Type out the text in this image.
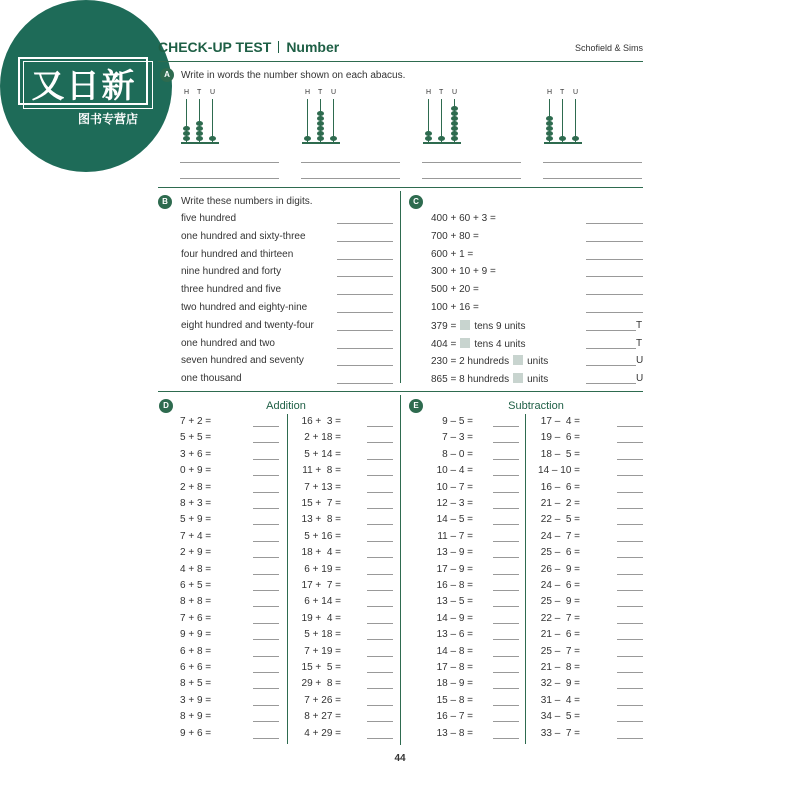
又日新
图书专营店
CHECK-UP TEST Number	Schofield & Sims
A	Write in words the number shown on each abacus.
H T U	H T U	H T U	H T U
B	Write these numbers in digits.
five hundred
one hundred and sixty-three
four hundred and thirteen
nine hundred and forty
three hundred and five
two hundred and eighty-nine
eight hundred and twenty-four
one hundred and two
seven hundred and seventy
one thousand
C
400 + 60 + 3 =
700 + 80 =
600 + 1 =
300 + 10 + 9 =
500 + 20 =
100 + 16 =
379 = tens 9 units	T
404 = tens 4 units	T
230 = 2 hundreds units	U
865 = 8 hundreds units	U
D	Addition
7 + 2 =
5 + 5 =
3 + 6 =
0 + 9 =
2 + 8 =
8 + 3 =
5 + 9 =
7 + 4 =
2 + 9 =
4 + 8 =
6 + 5 =
8 + 8 =
7 + 6 =
9 + 9 =
6 + 8 =
6 + 6 =
8 + 5 =
3 + 9 =
8 + 9 =
9 + 6 =
16 +  3 =
2 + 18 =
5 + 14 =
11 +  8 =
7 + 13 =
15 +  7 =
13 +  8 =
5 + 16 =
18 +  4 =
6 + 19 =
17 +  7 =
6 + 14 =
19 +  4 =
5 + 18 =
7 + 19 =
15 +  5 =
29 +  8 =
7 + 26 =
8 + 27 =
4 + 29 =
E	Subtraction
9 – 5 =
7 – 3 =
8 – 0 =
10 – 4 =
10 – 7 =
12 – 3 =
14 – 5 =
11 – 7 =
13 – 9 =
17 – 9 =
16 – 8 =
13 – 5 =
14 – 9 =
13 – 6 =
14 – 8 =
17 – 8 =
18 – 9 =
15 – 8 =
16 – 7 =
13 – 8 =
17 –  4 =
19 –  6 =
18 –  5 =
14 – 10 =
16 –  6 =
21 –  2 =
22 –  5 =
24 –  7 =
25 –  6 =
26 –  9 =
24 –  6 =
25 –  9 =
22 –  7 =
21 –  6 =
25 –  7 =
21 –  8 =
32 –  9 =
31 –  4 =
34 –  5 =
33 –  7 =
44
